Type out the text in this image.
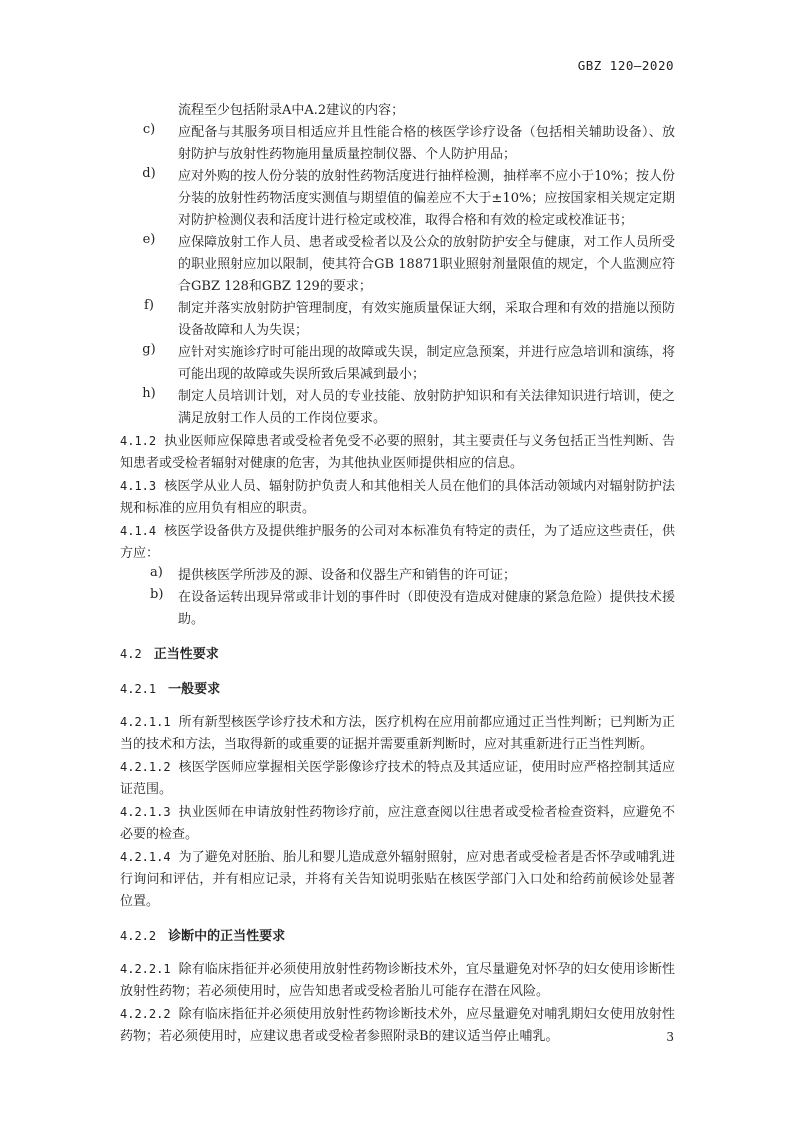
GBZ 120—2020

流程至少包括附录A中A.2建议的内容；

c)	应配备与其服务项目相适应并且性能合格的核医学诊疗设备（包括相关辅助设备）、放射防护与放射性药物施用量质量控制仪器、个人防护用品；
d)	应对外购的按人份分装的放射性药物活度进行抽样检测，抽样率不应小于10%；按人份分装的放射性药物活度实测值与期望值的偏差应不大于±10%；应按国家相关规定定期对防护检测仪表和活度计进行检定或校准，取得合格和有效的检定或校准证书；
e)	应保障放射工作人员、患者或受检者以及公众的放射防护安全与健康，对工作人员所受的职业照射应加以限制，使其符合GB 18871职业照射剂量限值的规定，个人监测应符合GBZ 128和GBZ 129的要求；
f)	制定并落实放射防护管理制度，有效实施质量保证大纲，采取合理和有效的措施以预防设备故障和人为失误；
g)	应针对实施诊疗时可能出现的故障或失误，制定应急预案，并进行应急培训和演练，将可能出现的故障或失误所致后果减到最小；
h)	制定人员培训计划，对人员的专业技能、放射防护知识和有关法律知识进行培训，使之满足放射工作人员的工作岗位要求。

4.1.2 执业医师应保障患者或受检者免受不必要的照射，其主要责任与义务包括正当性判断、告知患者或受检者辐射对健康的危害，为其他执业医师提供相应的信息。

4.1.3 核医学从业人员、辐射防护负责人和其他相关人员在他们的具体活动领域内对辐射防护法规和标准的应用负有相应的职责。

4.1.4 核医学设备供方及提供维护服务的公司对本标准负有特定的责任，为了适应这些责任，供方应：

a)	提供核医学所涉及的源、设备和仪器生产和销售的许可证；
b)	在设备运转出现异常或非计划的事件时（即使没有造成对健康的紧急危险）提供技术援助。

4.2 正当性要求

4.2.1 一般要求

4.2.1.1 所有新型核医学诊疗技术和方法，医疗机构在应用前都应通过正当性判断；已判断为正当的技术和方法，当取得新的或重要的证据并需要重新判断时，应对其重新进行正当性判断。

4.2.1.2 核医学医师应掌握相关医学影像诊疗技术的特点及其适应证，使用时应严格控制其适应证范围。

4.2.1.3 执业医师在申请放射性药物诊疗前，应注意查阅以往患者或受检者检查资料，应避免不必要的检查。

4.2.1.4 为了避免对胚胎、胎儿和婴儿造成意外辐射照射，应对患者或受检者是否怀孕或哺乳进行询问和评估，并有相应记录，并将有关告知说明张贴在核医学部门入口处和给药前候诊处显著位置。

4.2.2 诊断中的正当性要求

4.2.2.1 除有临床指征并必须使用放射性药物诊断技术外，宜尽量避免对怀孕的妇女使用诊断性放射性药物；若必须使用时，应告知患者或受检者胎儿可能存在潜在风险。

4.2.2.2 除有临床指征并必须使用放射性药物诊断技术外，应尽量避免对哺乳期妇女使用放射性药物；若必须使用时，应建议患者或受检者参照附录B的建议适当停止哺乳。	3
